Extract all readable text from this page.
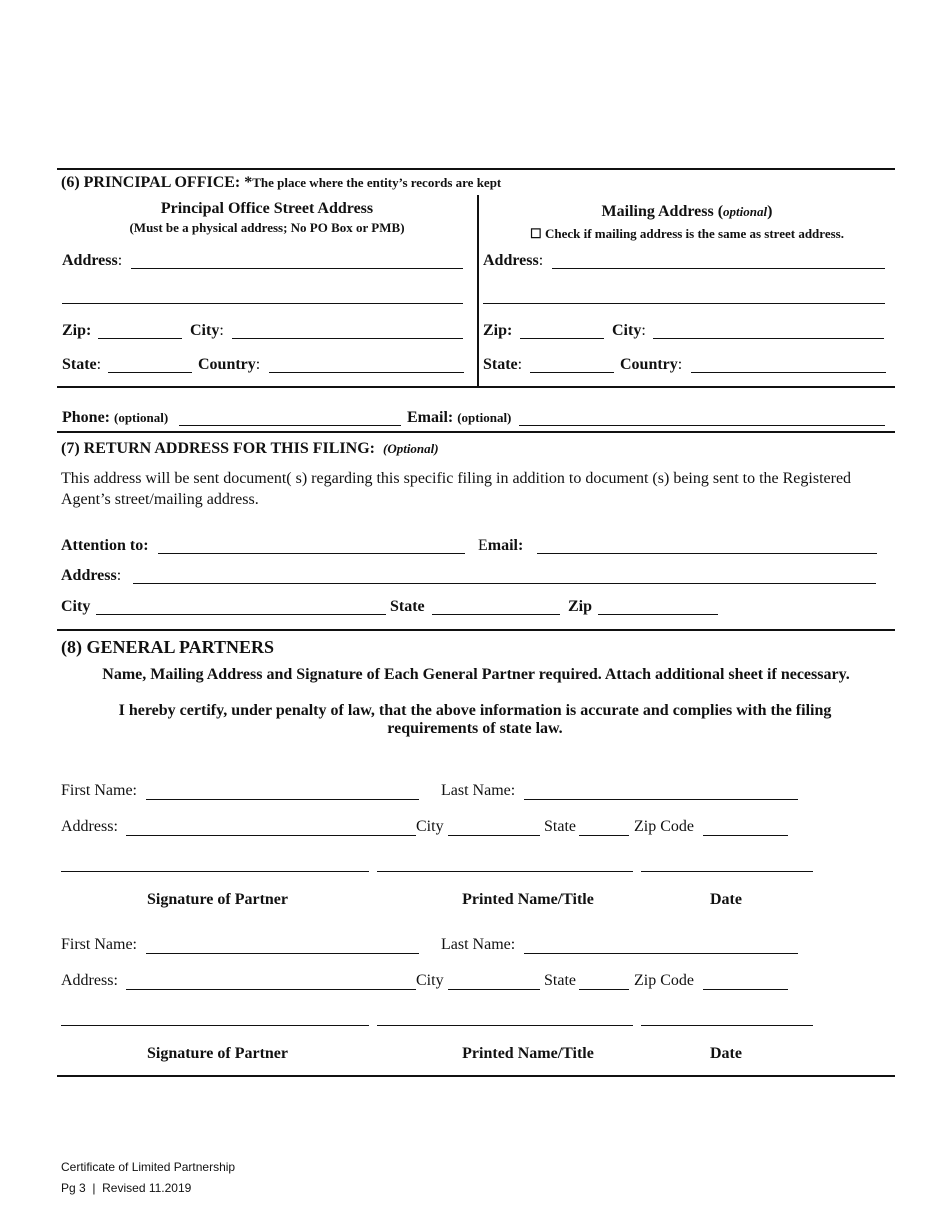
(6) PRINCIPAL OFFICE: *The place where the entity’s records are kept
Principal Office Street Address
(Must be a physical address; No PO Box or PMB)
Address:
Zip:	City:
State:	Country:
Mailing Address (optional)
☐ Check if mailing address is the same as street address.
Address:
Zip:	City:
State:	Country:
Phone: (optional)	Email: (optional)
(7) RETURN ADDRESS FOR THIS FILING: (Optional)
This address will be sent document( s) regarding this specific filing in addition to document (s) being sent to the Registered Agent’s street/mailing address.
Attention to:	Email:
Address:
City	State	Zip
(8) GENERAL PARTNERS
Name, Mailing Address and Signature of Each General Partner required. Attach additional sheet if necessary.
I hereby certify, under penalty of law, that the above information is accurate and complies with the filing requirements of state law.
First Name:	Last Name:
Address:	City	State	Zip Code
Signature of Partner	Printed Name/Title	Date
First Name:	Last Name:
Address:	City	State	Zip Code
Signature of Partner	Printed Name/Title	Date
Certificate of Limited Partnership
Pg 3  |  Revised 11.2019
